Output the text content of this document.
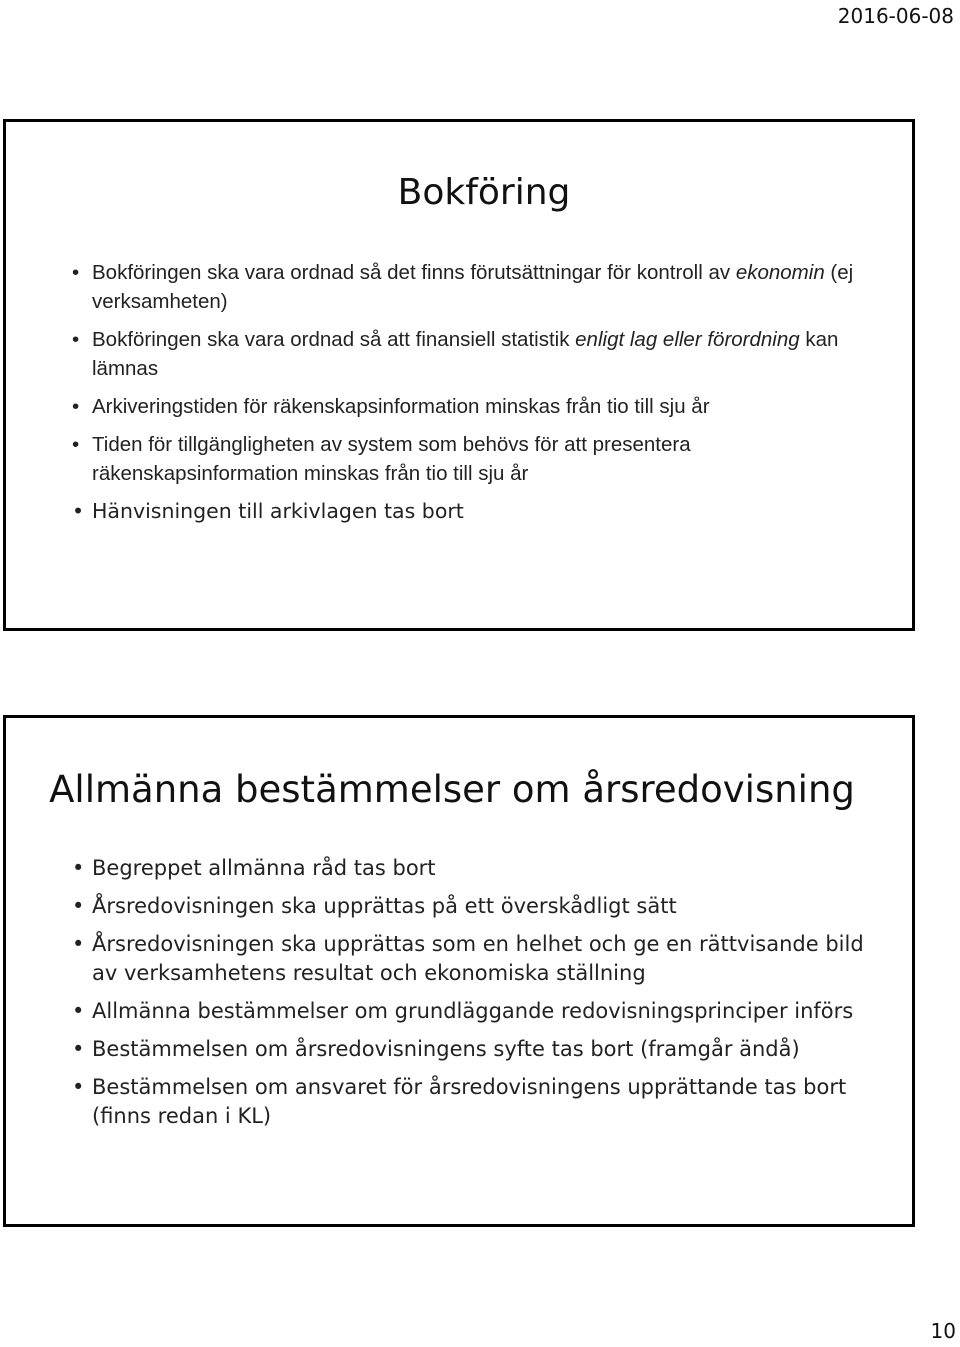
2016-06-08
Bokföring
• Bokföringen ska vara ordnad så det finns förutsättningar för kontroll av ekonomin (ej verksamheten)
• Bokföringen ska vara ordnad så att finansiell statistik enligt lag eller förordning kan lämnas
• Arkiveringstiden för räkenskapsinformation minskas från tio till sju år
• Tiden för tillgängligheten av system som behövs för att presentera räkenskapsinformation minskas från tio till sju år
• Hänvisningen till arkivlagen tas bort
Allmänna bestämmelser om årsredovisning
• Begreppet allmänna råd tas bort
• Årsredovisningen ska upprättas på ett överskådligt sätt
• Årsredovisningen ska upprättas som en helhet och ge en rättvisande bild av verksamhetens resultat och ekonomiska ställning
• Allmänna bestämmelser om grundläggande redovisningsprinciper införs
• Bestämmelsen om årsredovisningens syfte tas bort (framgår ändå)
• Bestämmelsen om ansvaret för årsredovisningens upprättande tas bort (finns redan i KL)
10
